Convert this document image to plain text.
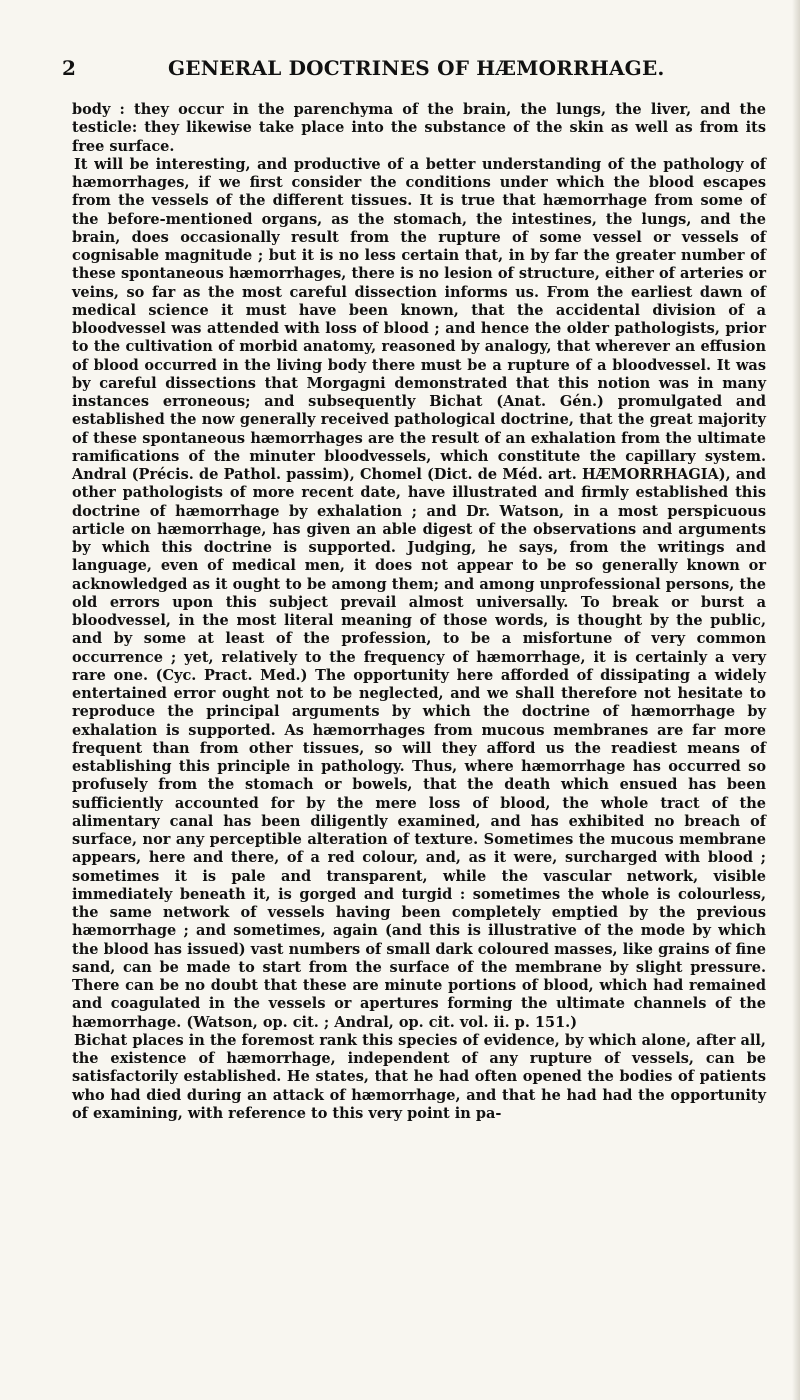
2	GENERAL DOCTRINES OF HÆMORRHAGE.

body : they occur in the parenchyma of the brain, the lungs, the liver, and the testicle: they likewise take place into the substance of the skin as well as from its free surface.

It will be interesting, and productive of a better understanding of the pathology of hæmorrhages, if we first consider the conditions under which the blood escapes from the vessels of the different tissues. It is true that hæmorrhage from some of the before-mentioned organs, as the stomach, the intestines, the lungs, and the brain, does occasionally result from the rupture of some vessel or vessels of cognisable magnitude ; but it is no less certain that, in by far the greater number of these spontaneous hæmorrhages, there is no lesion of structure, either of arteries or veins, so far as the most careful dissection informs us. From the earliest dawn of medical science it must have been known, that the accidental division of a bloodvessel was attended with loss of blood ; and hence the older pathologists, prior to the cultivation of morbid anatomy, reasoned by analogy, that wherever an effusion of blood occurred in the living body there must be a rupture of a bloodvessel. It was by careful dissections that Morgagni demonstrated that this notion was in many instances erroneous; and subsequently Bichat (Anat. Gén.) promulgated and established the now generally received pathological doctrine, that the great majority of these spontaneous hæmorrhages are the result of an exhalation from the ultimate ramifications of the minuter bloodvessels, which constitute the capillary system. Andral (Précis. de Pathol. passim), Chomel (Dict. de Méd. art. HÆMORRHAGIA), and other pathologists of more recent date, have illustrated and firmly established this doctrine of hæmorrhage by exhalation ; and Dr. Watson, in a most perspicuous article on hæmorrhage, has given an able digest of the observations and arguments by which this doctrine is supported. Judging, he says, from the writings and language, even of medical men, it does not appear to be so generally known or acknowledged as it ought to be among them; and among unprofessional persons, the old errors upon this subject prevail almost universally. To break or burst a bloodvessel, in the most literal meaning of those words, is thought by the public, and by some at least of the profession, to be a misfortune of very common occurrence ; yet, relatively to the frequency of hæmorrhage, it is certainly a very rare one. (Cyc. Pract. Med.) The opportunity here afforded of dissipating a widely entertained error ought not to be neglected, and we shall therefore not hesitate to reproduce the principal arguments by which the doctrine of hæmorrhage by exhalation is supported. As hæmorrhages from mucous membranes are far more frequent than from other tissues, so will they afford us the readiest means of establishing this principle in pathology. Thus, where hæmorrhage has occurred so profusely from the stomach or bowels, that the death which ensued has been sufficiently accounted for by the mere loss of blood, the whole tract of the alimentary canal has been diligently examined, and has exhibited no breach of surface, nor any perceptible alteration of texture. Sometimes the mucous membrane appears, here and there, of a red colour, and, as it were, surcharged with blood ; sometimes it is pale and transparent, while the vascular network, visible immediately beneath it, is gorged and turgid : sometimes the whole is colourless, the same network of vessels having been completely emptied by the previous hæmorrhage ; and sometimes, again (and this is illustrative of the mode by which the blood has issued) vast numbers of small dark coloured masses, like grains of fine sand, can be made to start from the surface of the membrane by slight pressure. There can be no doubt that these are minute portions of blood, which had remained and coagulated in the vessels or apertures forming the ultimate channels of the hæmorrhage. (Watson, op. cit. ; Andral, op. cit. vol. ii. p. 151.)

Bichat places in the foremost rank this species of evidence, by which alone, after all, the existence of hæmorrhage, independent of any rupture of vessels, can be satisfactorily established. He states, that he had often opened the bodies of patients who had died during an attack of hæmorrhage, and that he had had the opportunity of examining, with reference to this very point in pa-
